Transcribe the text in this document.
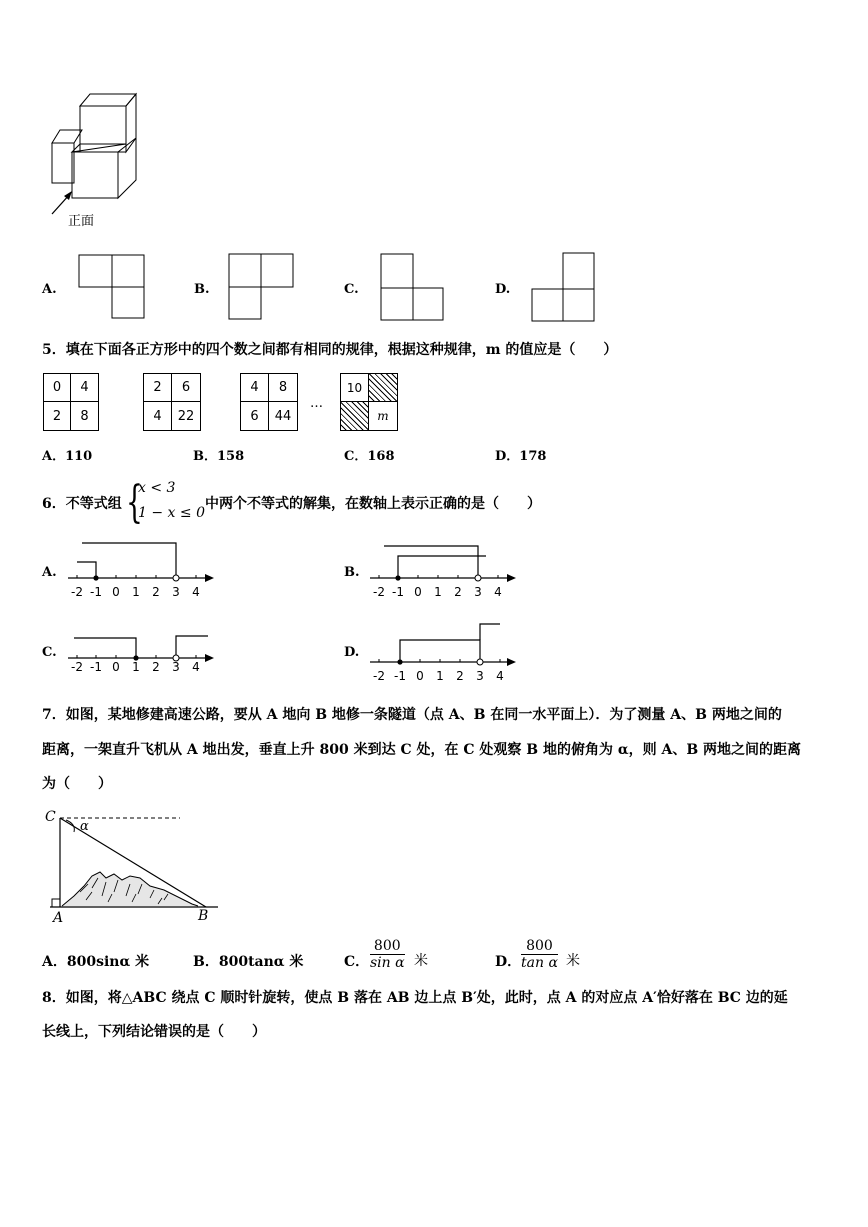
正面
A.	B.	C.	D.
5．填在下面各正方形中的四个数之间都有相同的规律，根据这种规律，m 的值应是（　　）
0	4
2	8
2	6
4	22
4	8
6	44
…
10
m
A．110	B．158	C．168	D．178
6．不等式组 {
x < 3
1 − x ≤ 0
中两个不等式的解集，在数轴上表示正确的是（　　）
A.
-2 -1 0 1 2 3 4
B.
-2 -1 0 1 2 3 4
C.
-2 -1 0 1 2 3 4
D.
-2 -1 0 1 2 3 4
7．如图，某地修建高速公路，要从 A 地向 B 地修一条隧道（点 A、B 在同一水平面上）．为了测量 A、B 两地之间的
距离，一架直升飞机从 A 地出发，垂直上升 800 米到达 C 处，在 C 处观察 B 地的俯角为 α，则 A、B 两地之间的距离
为（　　）
C
α
A	B
A．800sinα 米	B．800tanα 米	C． $\frac{800}{\text{sin α}}$ 米	D． $\frac{800}{\text{tan α}}$ 米
8．如图，将△ABC 绕点 C 顺时针旋转，使点 B 落在 AB 边上点 B′处，此时，点 A 的对应点 A′恰好落在 BC 边的延
长线上，下列结论错误的是（　　）
